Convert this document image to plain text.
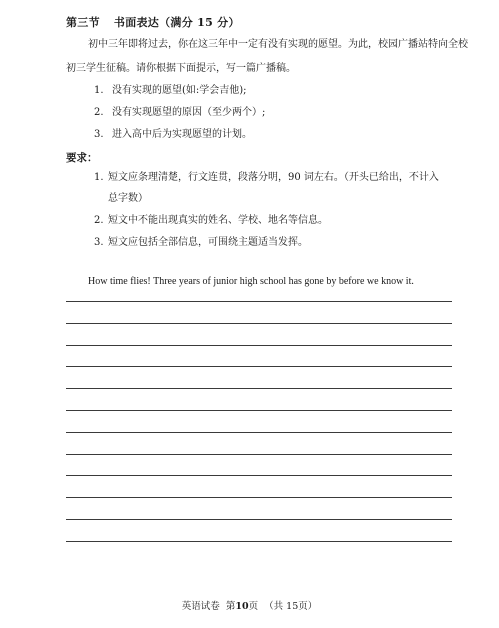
第三节 书面表达（满分 15 分）
初中三年即将过去，你在这三年中一定有没有实现的愿望。为此，校园广播站特向全校
初三学生征稿。请你根据下面提示，写一篇广播稿。
1. 没有实现的愿望(如:学会吉他);
2. 没有实现愿望的原因（至少两个）;
3. 进入高中后为实现愿望的计划。
要求：
1. 短文应条理清楚，行文连贯，段落分明，90 词左右。（开头已给出，不计入
总字数）
2. 短文中不能出现真实的姓名、学校、地名等信息。
3. 短文应包括全部信息，可围绕主题适当发挥。
How time flies! Three years of junior high school has gone by before we know it.
英语试卷 第10页 （共 15页）
